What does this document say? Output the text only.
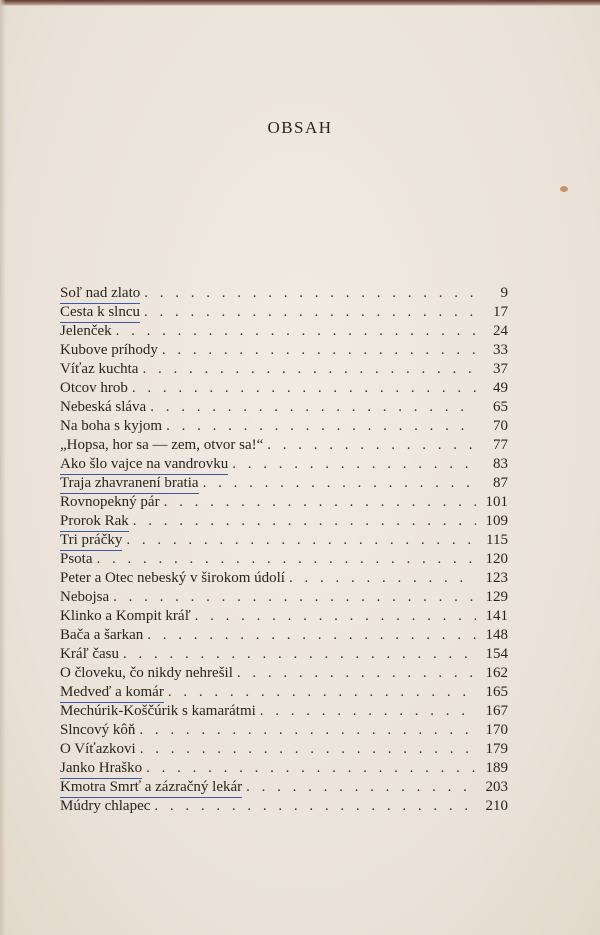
OBSAH
Soľ nad zlato . . .	9
Cesta k slncu . . .	17
Jelenček . . .	24
Kubove príhody . . .	33
Víťaz kuchta . . .	37
Otcov hrob . . .	49
Nebeská sláva . . .	65
Na boha s kyjom . . .	70
„Hopsa, hor sa — zem, otvor sa!“ . . .	77
Ako šlo vajce na vandrovku . . .	83
Traja zhavranení bratia . . .	87
Rovnopekný pár . . .	101
Prorok Rak . . .	109
Tri práčky . . .	115
Psota . . .	120
Peter a Otec nebeský v širokom údolí . . .	123
Nebojsa . . .	129
Klinko a Kompit kráľ . . .	141
Bača a šarkan . . .	148
Kráľ času . . .	154
O človeku, čo nikdy nehrešil . . .	162
Medveď a komár . . .	165
Mechúrik-Koščúrik s kamarátmi . . .	167
Slncový kôň . . .	170
O Víťazkovi . . .	179
Janko Hraško . . .	189
Kmotra Smrť a zázračný lekár . . .	203
Múdry chlapec . . .	210
